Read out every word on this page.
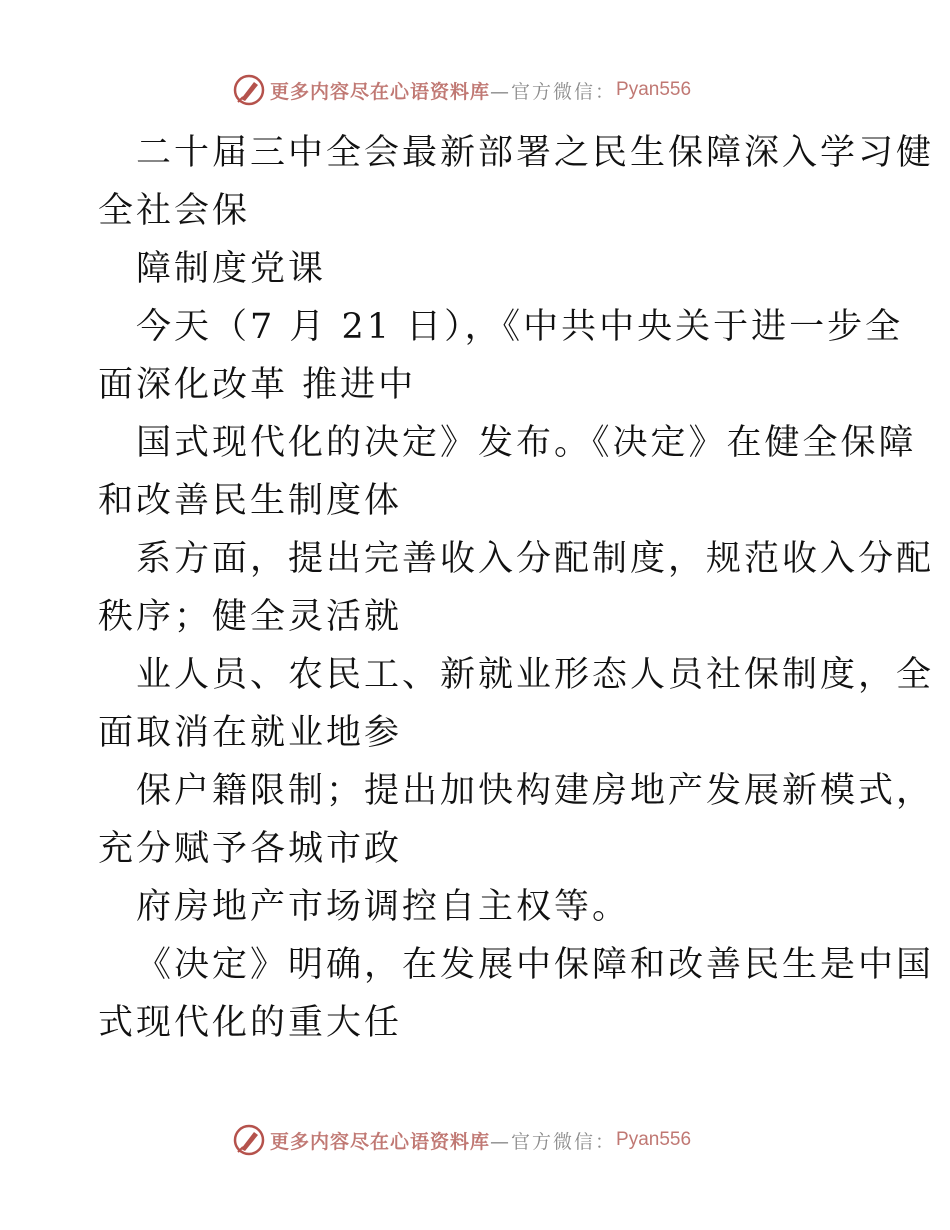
更多内容尽在心语资料库 —官方微信： Pyan556
二十届三中全会最新部署之民生保障深入学习健
全社会保
障制度党课
今天（7 月 21 日），《中共中央关于进一步全
面深化改革 推进中
国式现代化的决定》发布。《决定》在健全保障
和改善民生制度体
系方面，提出完善收入分配制度，规范收入分配
秩序；健全灵活就
业人员、农民工、新就业形态人员社保制度，全
面取消在就业地参
保户籍限制；提出加快构建房地产发展新模式，
充分赋予各城市政
府房地产市场调控自主权等。
《决定》明确，在发展中保障和改善民生是中国
式现代化的重大任
更多内容尽在心语资料库 —官方微信： Pyan556
